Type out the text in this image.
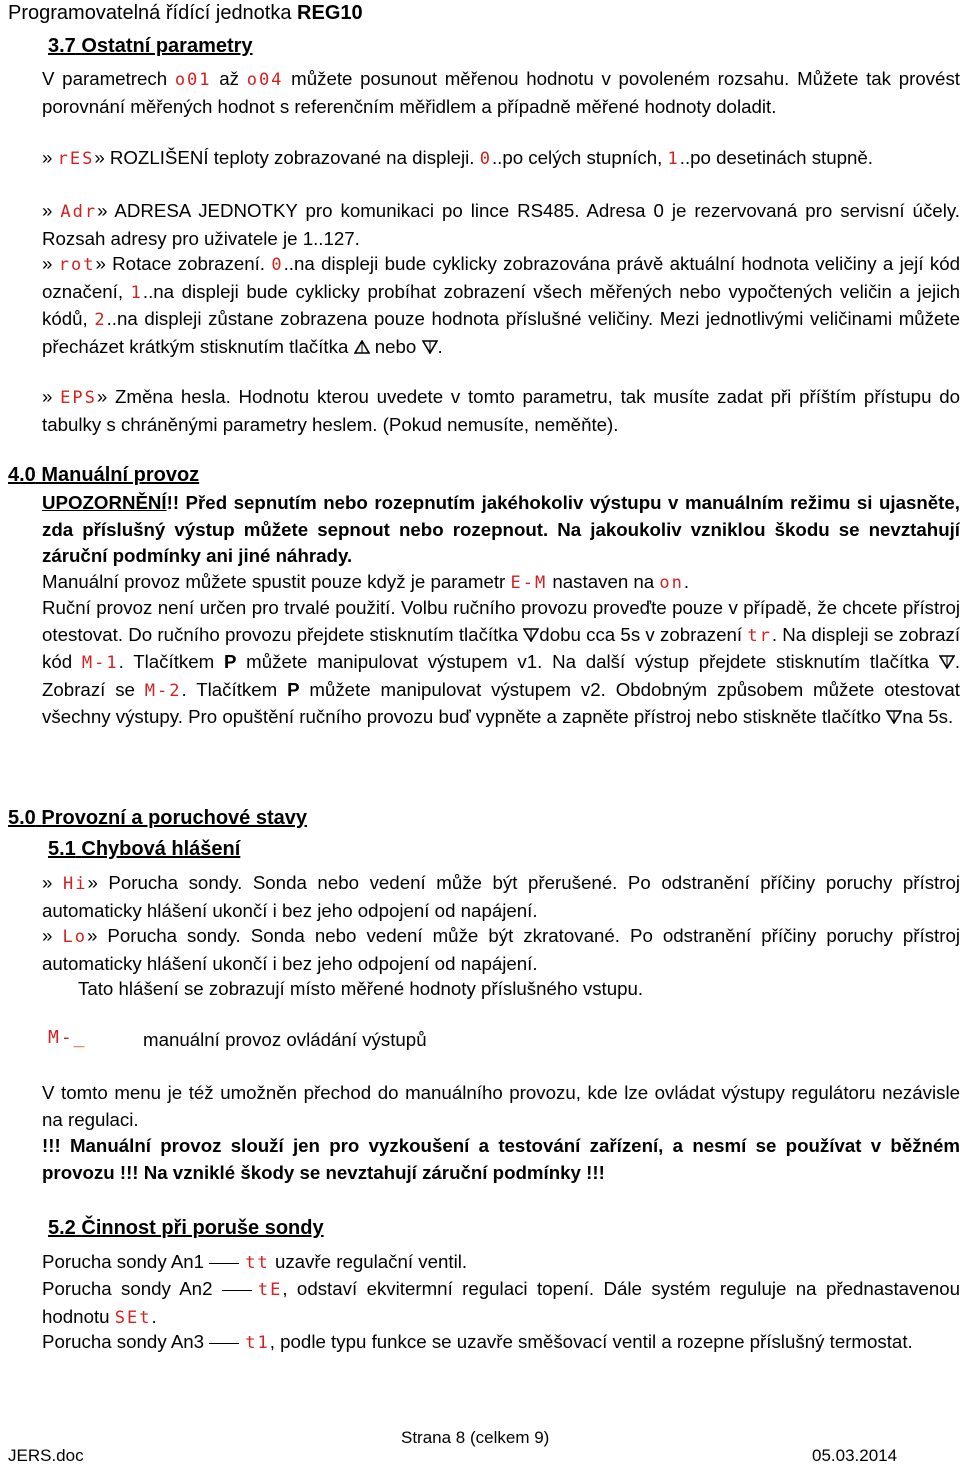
Programovatelná řídící jednotka REG10
3.7 Ostatní parametry
V parametrech o01 až o04 můžete posunout měřenou hodnotu v povoleném rozsahu. Můžete tak provést porovnání měřených hodnot s referenčním měřidlem a případně měřené hodnoty doladit.
» rES» ROZLIŠENÍ teploty zobrazované na displeji. 0..po celých stupních, 1..po desetinách stupně.
» Adr» ADRESA JEDNOTKY pro komunikaci po lince RS485. Adresa 0 je rezervovaná pro servisní účely. Rozsah adresy pro uživatele je 1..127.
» rot» Rotace zobrazení. 0..na displeji bude cyklicky zobrazována právě aktuální hodnota veličiny a její kód označení, 1..na displeji bude cyklicky probíhat zobrazení všech měřených nebo vypočtených veličin a jejich kódů, 2..na displeji zůstane zobrazena pouze hodnota příslušné veličiny. Mezi jednotlivými veličinami můžete přecházet krátkým stisknutím tlačítka  nebo .
» EPS» Změna hesla. Hodnotu kterou uvedete v tomto parametru, tak musíte zadat při příštím přístupu do tabulky s chráněnými parametry heslem. (Pokud nemusíte, neměňte).
4.0 Manuální provoz
UPOZORNĚNÍ!! Před sepnutím nebo rozepnutím jakéhokoliv výstupu v manuálním režimu si ujasněte, zda příslušný výstup můžete sepnout nebo rozepnout. Na jakoukoliv vzniklou škodu se nevztahují záruční podmínky ani jiné náhrady.
Manuální provoz můžete spustit pouze když je parametr E-M nastaven na on.
Ruční provoz není určen pro trvalé použití. Volbu ručního provozu proveďte pouze v případě, že chcete přístroj otestovat. Do ručního provozu přejdete stisknutím tlačítka dobu cca 5s v zobrazení tr. Na displeji se zobrazí kód M-1. Tlačítkem P můžete manipulovat výstupem v1. Na další výstup přejdete stisknutím tlačítka . Zobrazí se M-2. Tlačítkem P můžete manipulovat výstupem v2. Obdobným způsobem můžete otestovat všechny výstupy. Pro opuštění ručního provozu buď vypněte a zapněte přístroj nebo stiskněte tlačítko na 5s.
5.0 Provozní a poruchové stavy
5.1 Chybová hlášení
» Hi» Porucha sondy. Sonda nebo vedení může být přerušené. Po odstranění příčiny poruchy přístroj automaticky hlášení ukončí i bez jeho odpojení od napájení.
» Lo» Porucha sondy. Sonda nebo vedení může být zkratované. Po odstranění příčiny poruchy přístroj automaticky hlášení ukončí i bez jeho odpojení od napájení.
Tato hlášení se zobrazují místo měřené hodnoty příslušného vstupu.
M-_	manuální provoz ovládání výstupů
V tomto menu je též umožněn přechod do manuálního provozu, kde lze ovládat výstupy regulátoru nezávisle na regulaci.
!!! Manuální provoz slouží jen pro vyzkoušení a testování zařízení, a nesmí se používat v běžném provozu !!! Na vzniklé škody se nevztahují záruční podmínky !!!
5.2 Činnost při poruše sondy
Porucha sondy An1 tt uzavře regulační ventil.
Porucha sondy An2 tE, odstaví ekvitermní regulaci topení. Dále systém reguluje na přednastavenou hodnotu SEt.
Porucha sondy An3 t1, podle typu funkce se uzavře směšovací ventil a rozepne příslušný termostat.
Strana 8 (celkem 9)
JERS.doc	05.03.2014
